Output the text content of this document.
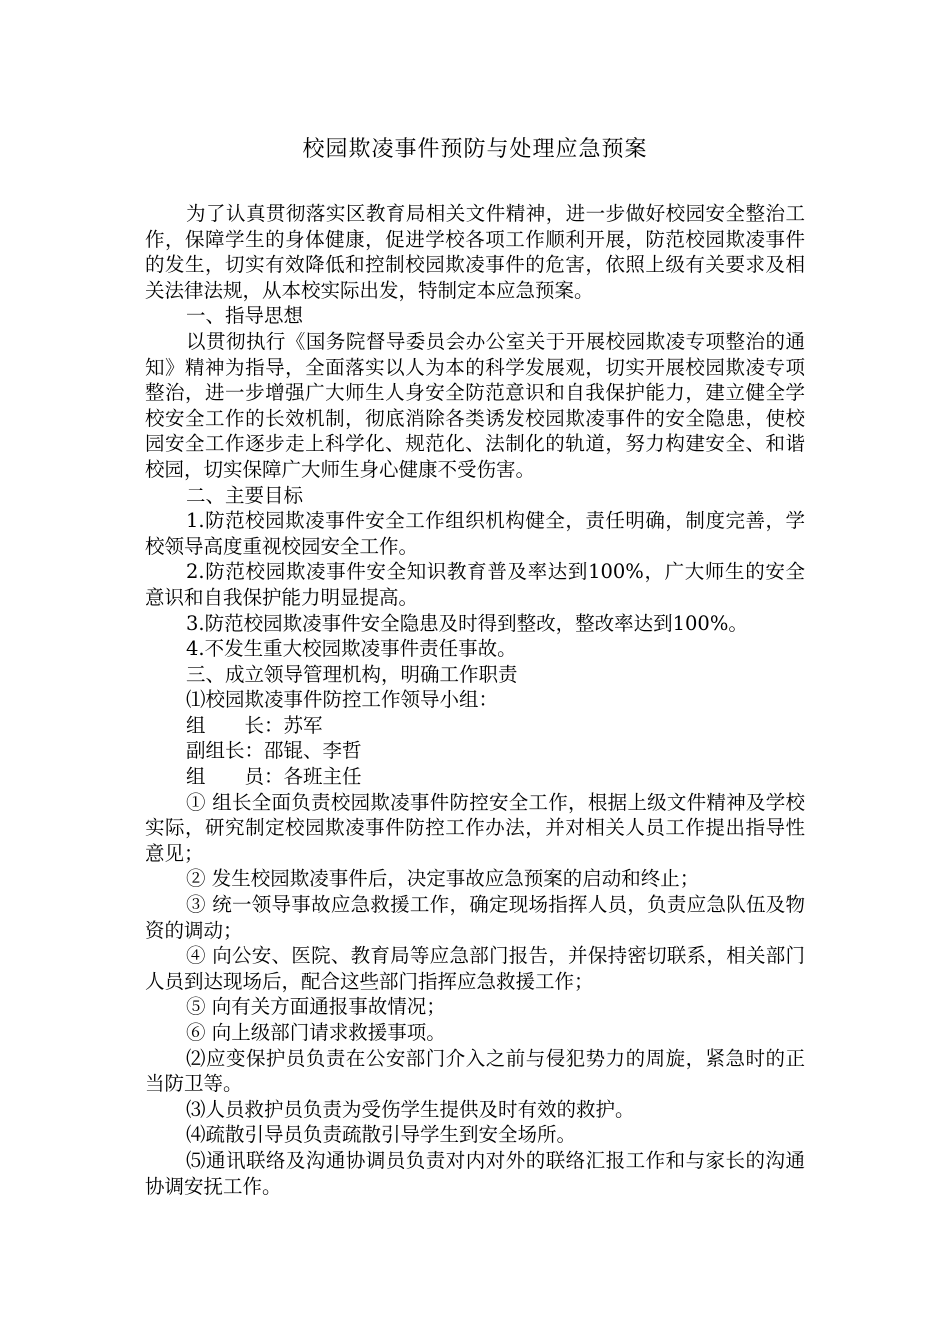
校园欺凌事件预防与处理应急预案

为了认真贯彻落实区教育局相关文件精神，进一步做好校园安全整治工作，保障学生的身体健康，促进学校各项工作顺利开展，防范校园欺凌事件的发生，切实有效降低和控制校园欺凌事件的危害，依照上级有关要求及相关法律法规，从本校实际出发，特制定本应急预案。

一、指导思想

以贯彻执行《国务院督导委员会办公室关于开展校园欺凌专项整治的通知》精神为指导，全面落实以人为本的科学发展观，切实开展校园欺凌专项整治，进一步增强广大师生人身安全防范意识和自我保护能力，建立健全学校安全工作的长效机制，彻底消除各类诱发校园欺凌事件的安全隐患，使校园安全工作逐步走上科学化、规范化、法制化的轨道，努力构建安全、和谐校园，切实保障广大师生身心健康不受伤害。

二、主要目标

1.防范校园欺凌事件安全工作组织机构健全，责任明确，制度完善，学校领导高度重视校园安全工作。

2.防范校园欺凌事件安全知识教育普及率达到100%，广大师生的安全意识和自我保护能力明显提高。

3.防范校园欺凌事件安全隐患及时得到整改，整改率达到100%。

4.不发生重大校园欺凌事件责任事故。

三、成立领导管理机构，明确工作职责

⑴校园欺凌事件防控工作领导小组：

组　　长：苏军

副组长：邵锟、李哲

组　　员：各班主任

① 组长全面负责校园欺凌事件防控安全工作，根据上级文件精神及学校实际，研究制定校园欺凌事件防控工作办法，并对相关人员工作提出指导性意见；

② 发生校园欺凌事件后，决定事故应急预案的启动和终止；

③ 统一领导事故应急救援工作，确定现场指挥人员，负责应急队伍及物资的调动；

④ 向公安、医院、教育局等应急部门报告，并保持密切联系，相关部门人员到达现场后，配合这些部门指挥应急救援工作；

⑤ 向有关方面通报事故情况；

⑥ 向上级部门请求救援事项。

⑵应变保护员负责在公安部门介入之前与侵犯势力的周旋，紧急时的正当防卫等。

⑶人员救护员负责为受伤学生提供及时有效的救护。

⑷疏散引导员负责疏散引导学生到安全场所。

⑸通讯联络及沟通协调员负责对内对外的联络汇报工作和与家长的沟通协调安抚工作。
